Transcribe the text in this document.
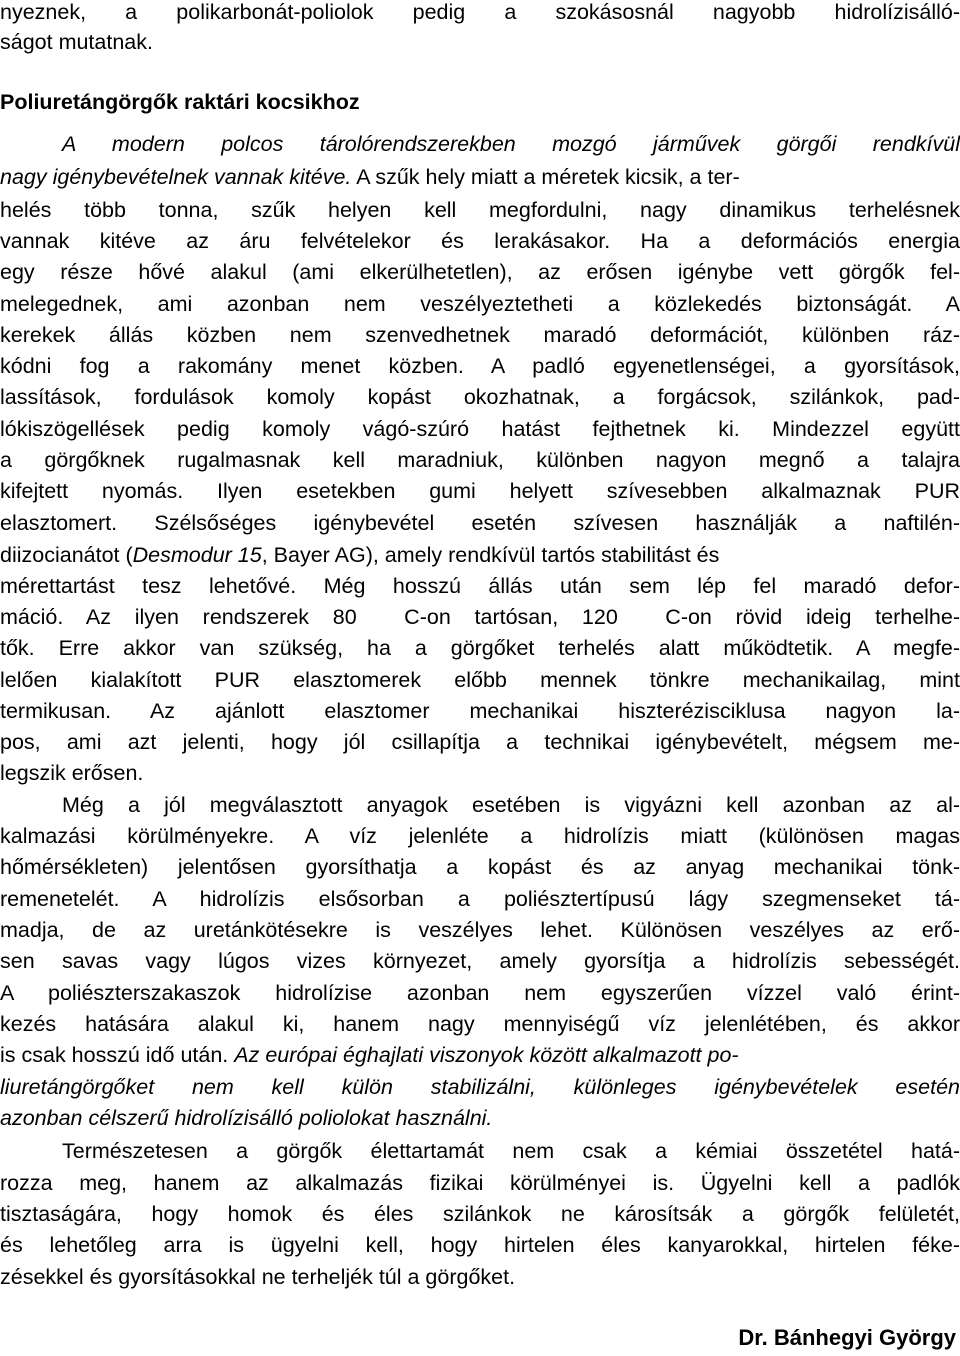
nyeznek, a polikarbonát-poliolok pedig a szokásosnál nagyobb hidrolízisálló-
ságot mutatnak.
Poliuretángörgők raktári kocsikhoz
A modern polcos tárolórendszerekben mozgó járművek görgői rendkívül
nagy igénybevételnek vannak kitéve. A szűk hely miatt a méretek kicsik, a ter-
helés több tonna, szűk helyen kell megfordulni, nagy dinamikus terhelésnek
vannak kitéve az áru felvételekor és lerakásakor. Ha a deformációs energia
egy része hővé alakul (ami elkerülhetetlen), az erősen igénybe vett görgők fel-
melegednek, ami azonban nem veszélyeztetheti a közlekedés biztonságát. A
kerekek állás közben nem szenvedhetnek maradó deformációt, különben ráz-
kódni fog a rakomány menet közben. A padló egyenetlenségei, a gyorsítások,
lassítások, fordulások komoly kopást okozhatnak, a forgácsok, szilánkok, pad-
lókiszögellések pedig komoly vágó-szúró hatást fejthetnek ki. Mindezzel együtt
a görgőknek rugalmasnak kell maradniuk, különben nagyon megnő a talajra
kifejtett nyomás. Ilyen esetekben gumi helyett szívesebben alkalmaznak PUR
elasztomert. Szélsőséges igénybevétel esetén szívesen használják a naftilén-
diizocianátot (Desmodur 15, Bayer AG), amely rendkívül tartós stabilitást és
mérettartást tesz lehetővé. Még hosszú állás után sem lép fel maradó defor-
máció. Az ilyen rendszerek 80  C-on tartósan, 120  C-on rövid ideig terhelhe-
tők. Erre akkor van szükség, ha a görgőket terhelés alatt működtetik. A megfe-
lelően kialakított PUR elasztomerek előbb mennek tönkre mechanikailag, mint
termikusan. Az ajánlott elasztomer mechanikai hiszterézisciklusa nagyon la-
pos, ami azt jelenti, hogy jól csillapítja a technikai igénybevételt, mégsem me-
legszik erősen.
Még a jól megválasztott anyagok esetében is vigyázni kell azonban az al-
kalmazási körülményekre. A víz jelenléte a hidrolízis miatt (különösen magas
hőmérsékleten) jelentősen gyorsíthatja a kopást és az anyag mechanikai tönk-
remenetelét. A hidrolízis elsősorban a poliésztertípusú lágy szegmenseket tá-
madja, de az uretánkötésekre is veszélyes lehet. Különösen veszélyes az erő-
sen savas vagy lúgos vizes környezet, amely gyorsítja a hidrolízis sebességét.
A poliészterszakaszok hidrolízise azonban nem egyszerűen vízzel való érint-
kezés hatására alakul ki, hanem nagy mennyiségű víz jelenlétében, és akkor
is csak hosszú idő után. Az európai éghajlati viszonyok között alkalmazott po-
liuretángörgőket nem kell külön stabilizálni, különleges igénybevételek esetén
azonban célszerű hidrolízisálló poliolokat használni.
Természetesen a görgők élettartamát nem csak a kémiai összetétel hatá-
rozza meg, hanem az alkalmazás fizikai körülményei is. Ügyelni kell a padlók
tisztaságára, hogy homok és éles szilánkok ne károsítsák a görgők felületét,
és lehetőleg arra is ügyelni kell, hogy hirtelen éles kanyarokkal, hirtelen féke-
zésekkel és gyorsításokkal ne terheljék túl a görgőket.
Dr. Bánhegyi György
